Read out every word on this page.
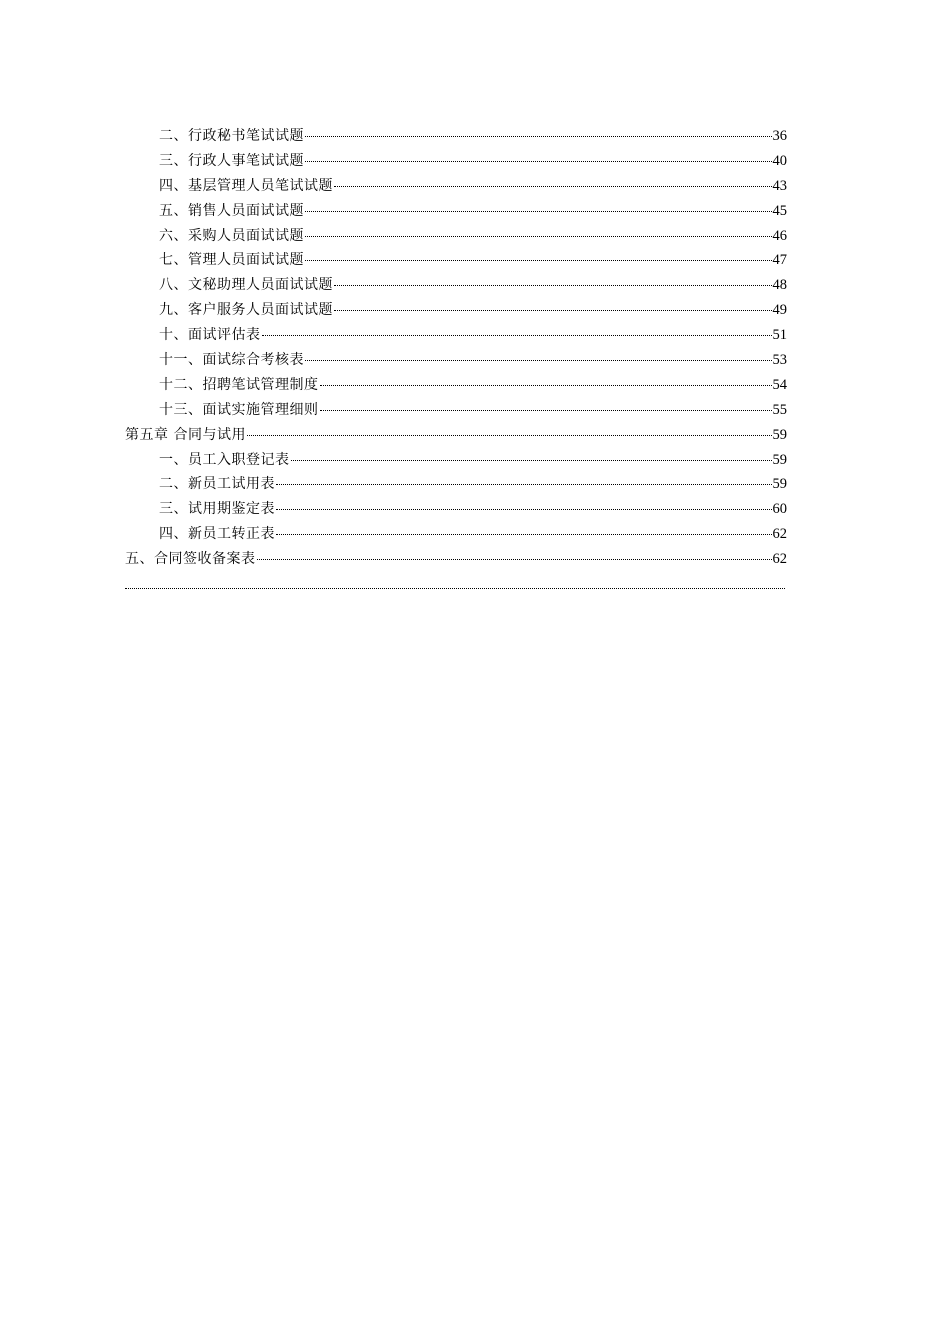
二、行政秘书笔试试题	36
三、行政人事笔试试题	40
四、基层管理人员笔试试题	43
五、销售人员面试试题	45
六、采购人员面试试题	46
七、管理人员面试试题	47
八、文秘助理人员面试试题	48
九、客户服务人员面试试题	49
十、面试评估表	51
十一、面试综合考核表	53
十二、招聘笔试管理制度	54
十三、面试实施管理细则	55
第五章 合同与试用	59
一、员工入职登记表	59
二、新员工试用表	59
三、试用期鉴定表	60
四、新员工转正表	62
五、合同签收备案表	62
